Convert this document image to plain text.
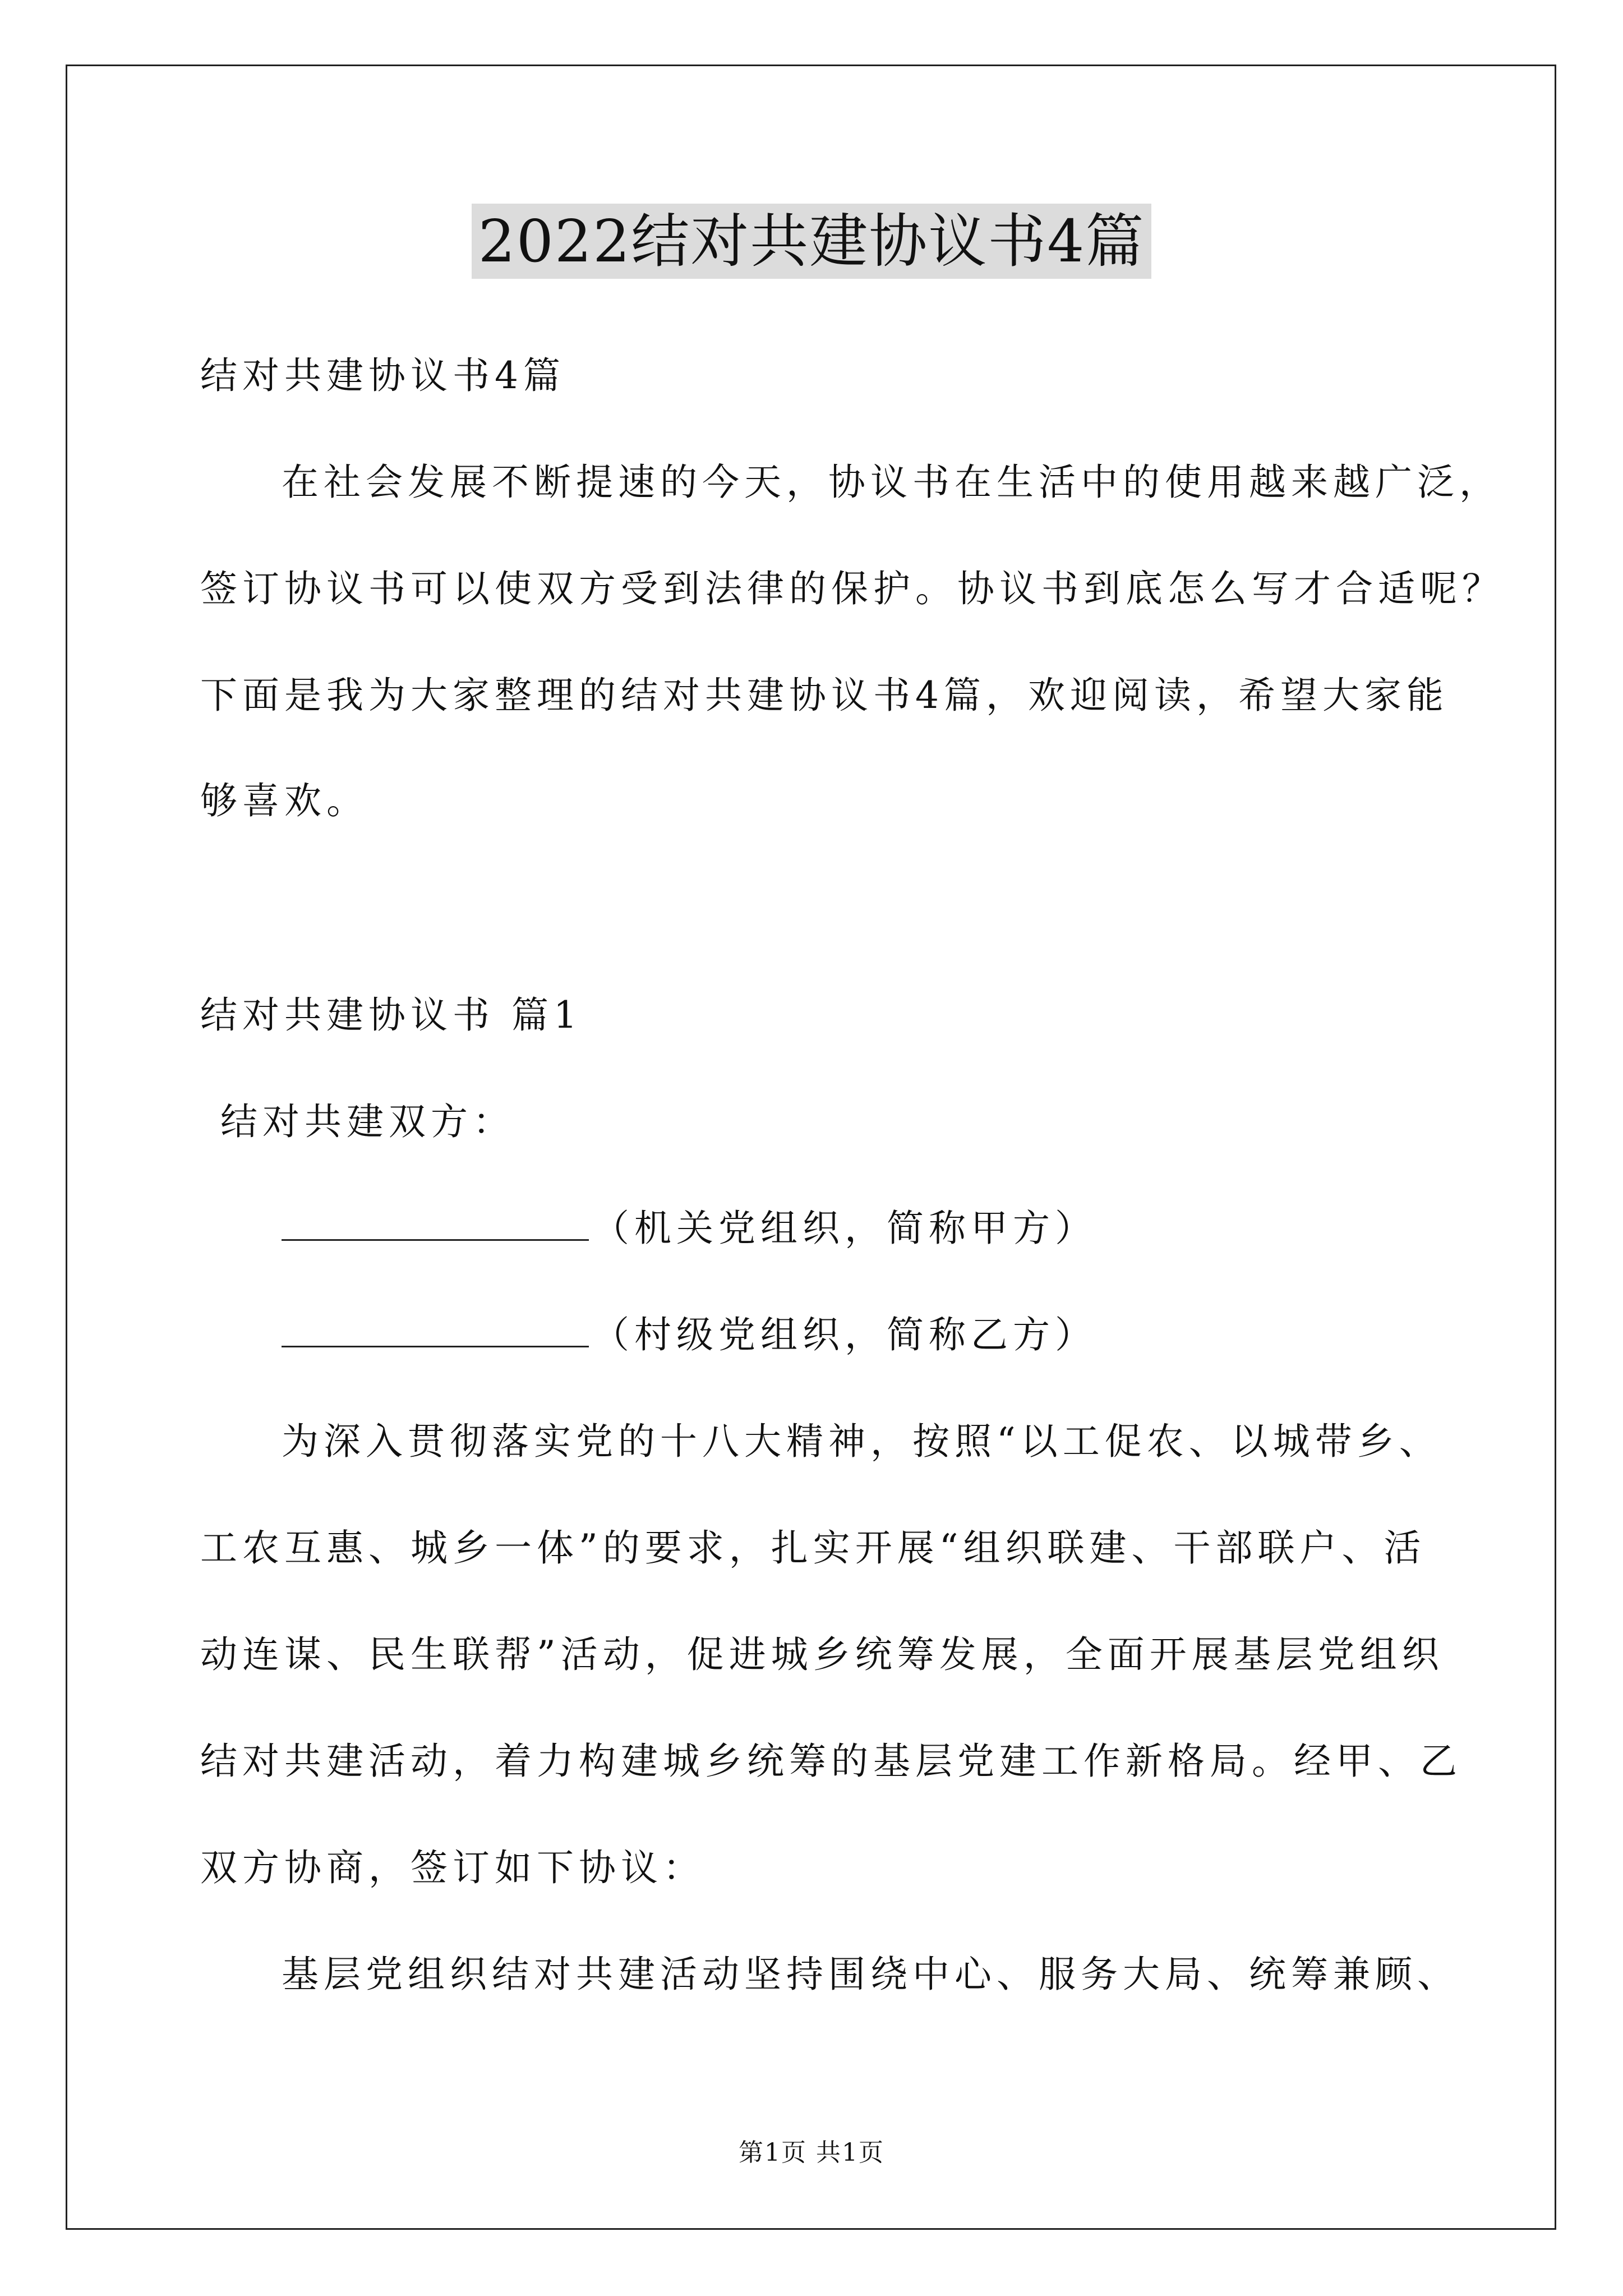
2022结对共建协议书4篇
结对共建协议书4篇
在社会发展不断提速的今天，协议书在生活中的使用越来越广泛，
签订协议书可以使双方受到法律的保护。协议书到底怎么写才合适呢？
下面是我为大家整理的结对共建协议书4篇，欢迎阅读，希望大家能
够喜欢。
结对共建协议书 篇1
结对共建双方：
（机关党组织，简称甲方）
（村级党组织，简称乙方）
为深入贯彻落实党的十八大精神，按照“以工促农、以城带乡、
工农互惠、城乡一体”的要求，扎实开展“组织联建、干部联户、活
动连谋、民生联帮”活动，促进城乡统筹发展，全面开展基层党组织
结对共建活动，着力构建城乡统筹的基层党建工作新格局。经甲、乙
双方协商，签订如下协议：
基层党组织结对共建活动坚持围绕中心、服务大局、统筹兼顾、
第1页 共1页
